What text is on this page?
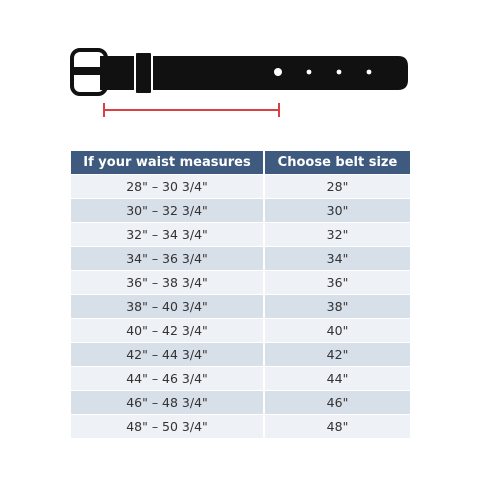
If your waist measures	Choose belt size
28" – 30 3/4"	28"
30" – 32 3/4"	30"
32" – 34 3/4"	32"
34" – 36 3/4"	34"
36" – 38 3/4"	36"
38" – 40 3/4"	38"
40" – 42 3/4"	40"
42" – 44 3/4"	42"
44" – 46 3/4"	44"
46" – 48 3/4"	46"
48" – 50 3/4"	48"
